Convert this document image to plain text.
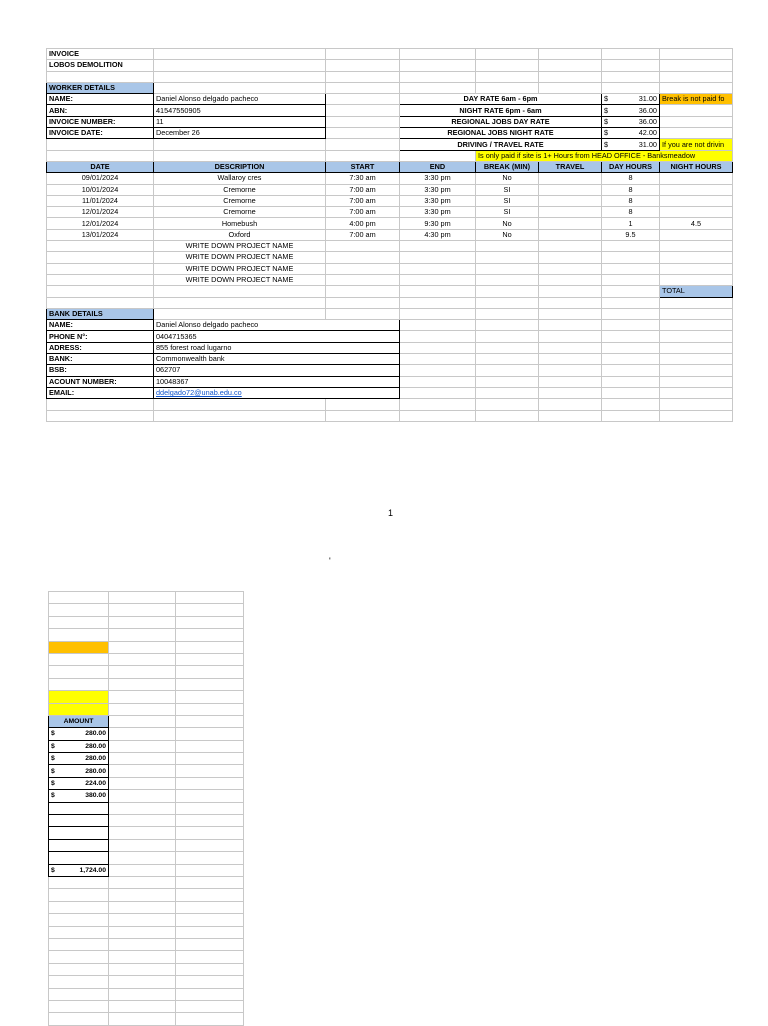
INVOICE							
LOBOS DEMOLITION							

WORKER DETAILS							
NAME:	Daniel Alonso delgado pacheco		DAY RATE 6am - 6pm			$ 31.00	Break is not paid fo
ABN:	41547550905		NIGHT RATE 6pm - 6am			$ 36.00	

INVOICE NUMBER:	11		REGIONAL JOBS DAY RATE			$ 36.00	

INVOICE DATE:	December 26		REGIONAL JOBS NIGHT RATE			$ 42.00	

			DRIVING / TRAVEL RATE			$ 31.00	If you are not drivin
				Is only paid if site is 1+ Hours from HEAD OFFICE - Banksmeadow			
DATE	DESCRIPTION	START	END	BREAK (MIN)	TRAVEL	DAY HOURS	NIGHT HOURS
09/01/2024	Wallaroy cres	7:30 am	3:30 pm	No		8	
10/01/2024	Cremorne	7:00 am	3:30 pm	SI		8	
11/01/2024	Cremorne	7:00 am	3:30 pm	SI		8	
12/01/2024	Cremorne	7:00 am	3:30 pm	SI		8	
12/01/2024	Homebush	4:00 pm	9:30 pm	No		1	4.5
13/01/2024	Oxford	7:00 am	4:30 pm	No		9.5	
	WRITE DOWN PROJECT NAME						
	WRITE DOWN PROJECT NAME						
	WRITE DOWN PROJECT NAME						
	WRITE DOWN PROJECT NAME						
							TOTAL

BANK DETAILS							
NAME:	Daniel Alonso delgado pacheco						
PHONE N°:	0404715365						
ADRESS:	855 forest road lugarno						
BANK:	Commonwealth bank						
BSB:	062707						
ACOUNT NUMBER:	10048367						
EMAIL:	ddelgado72@unab.edu.co						

1
'

AMOUNT		

$ 280.00		

$ 280.00		

$ 280.00		

$ 280.00		

$ 224.00		

$ 380.00		

$ 1,724.00		
